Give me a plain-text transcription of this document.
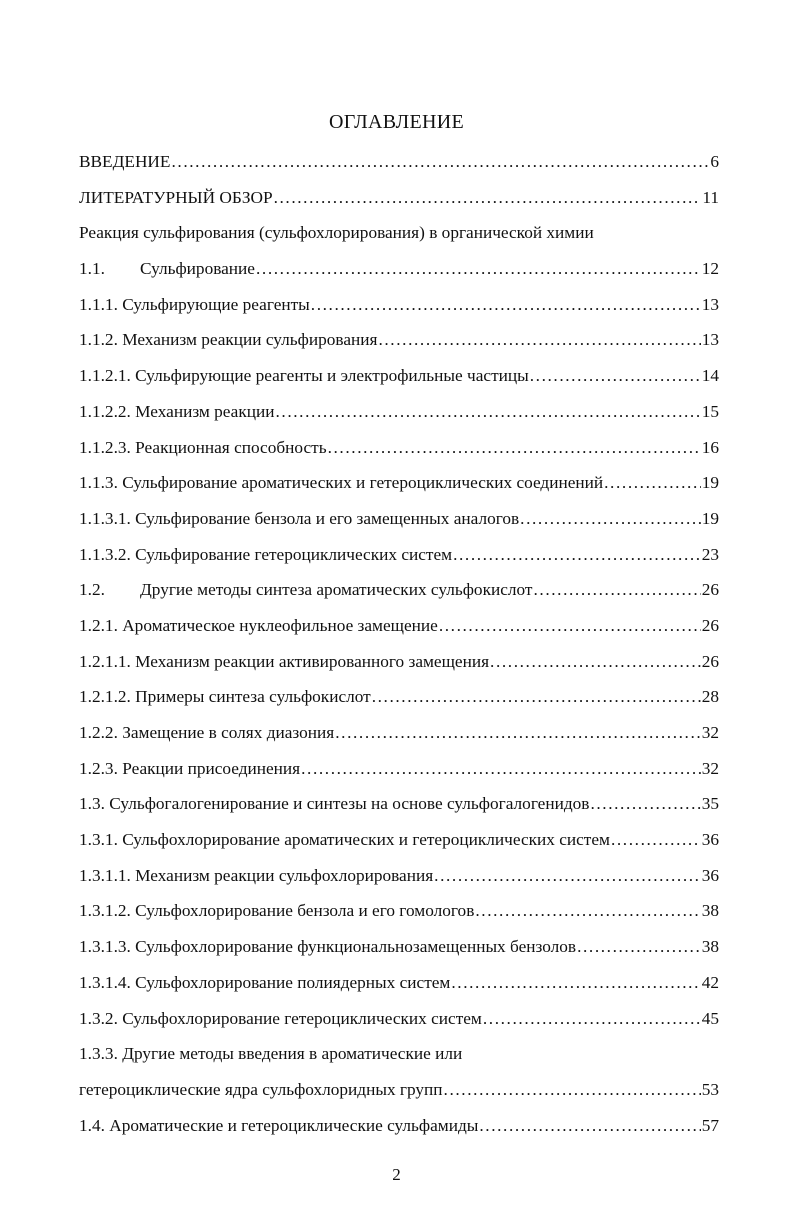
ОГЛАВЛЕНИЕ
ВВЕДЕНИЕ .....	6
ЛИТЕРАТУРНЫЙ ОБЗОР .....	11
Реакция сульфирования (сульфохлорирования) в органической химии
1.1. Сульфирование .....	12
1.1.1. Сульфирующие реагенты .....	13
1.1.2. Механизм реакции сульфирования .....	13
1.1.2.1. Сульфирующие реагенты и электрофильные частицы .....	14
1.1.2.2. Механизм реакции .....	15
1.1.2.3. Реакционная способность .....	16
1.1.3. Сульфирование ароматических и гетероциклических соединений .....	19
1.1.3.1. Сульфирование бензола и его замещенных аналогов .....	19
1.1.3.2. Сульфирование гетероциклических систем .....	23
1.2. Другие методы синтеза ароматических сульфокислот .....	26
1.2.1. Ароматическое нуклеофильное замещение .....	26
1.2.1.1. Механизм реакции активированного замещения .....	26
1.2.1.2. Примеры синтеза сульфокислот .....	28
1.2.2. Замещение в солях диазония .....	32
1.2.3. Реакции присоединения .....	32
1.3. Сульфогалогенирование и синтезы на основе сульфогалогенидов .....	35
1.3.1. Сульфохлорирование ароматических и гетероциклических систем .....	36
1.3.1.1. Механизм реакции сульфохлорирования .....	36
1.3.1.2. Сульфохлорирование бензола и его гомологов .....	38
1.3.1.3. Сульфохлорирование функциональнозамещенных бензолов .....	38
1.3.1.4. Сульфохлорирование полиядерных систем .....	42
1.3.2. Сульфохлорирование гетероциклических систем .....	45
1.3.3. Другие методы введения в ароматические или
гетероциклические ядра сульфохлоридных групп .....	53
1.4. Ароматические и гетероциклические сульфамиды .....	57
2
